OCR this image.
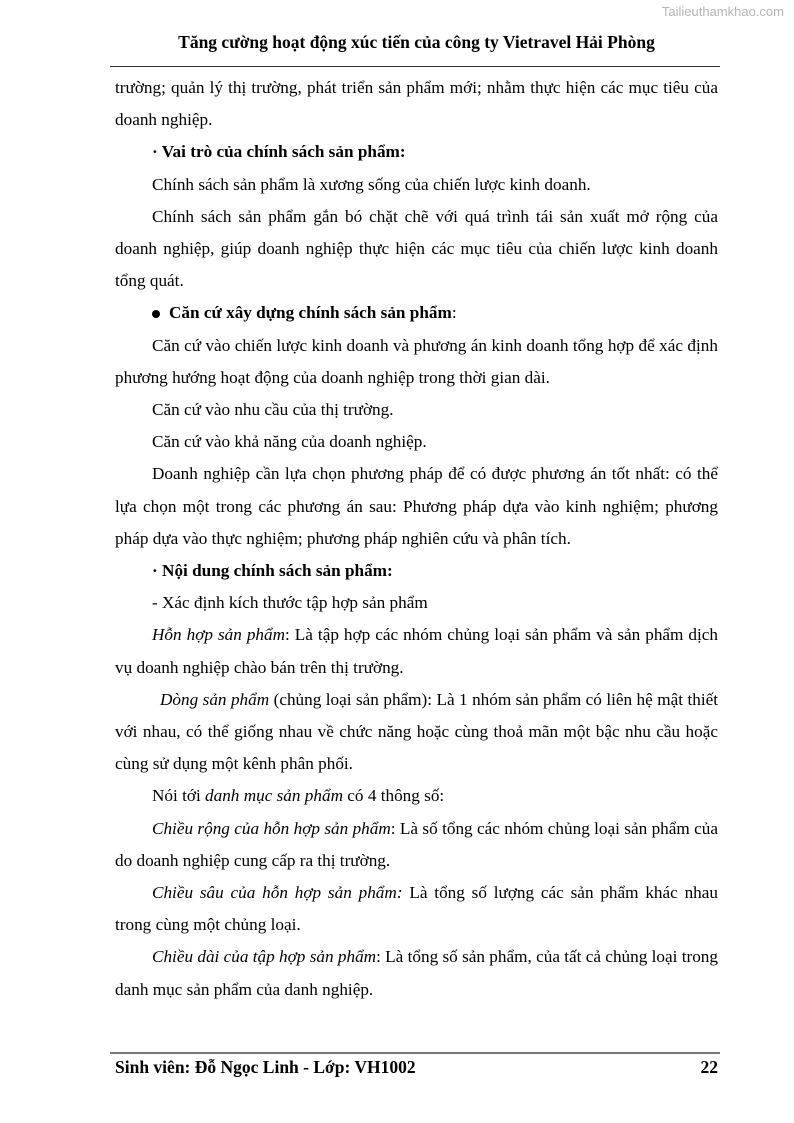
Tailieuthamkhao.com
Tăng cường hoạt động xúc tiến của công ty Vietravel Hải Phòng

trường; quản lý thị trường, phát triển sản phẩm mới; nhằm thực hiện các mục tiêu của doanh nghiệp.

· Vai trò của chính sách sản phẩm:

Chính sách sản phẩm là xương sống của chiến lược kinh doanh.

Chính sách sản phẩm gắn bó chặt chẽ với quá trình tái sản xuất mở rộng của doanh nghiệp, giúp doanh nghiệp thực hiện các mục tiêu của chiến lược kinh doanh tổng quát.

Căn cứ xây dựng chính sách sản phẩm:

Căn cứ vào chiến lược kinh doanh và phương án kinh doanh tổng hợp để xác định phương hướng hoạt động của doanh nghiệp trong thời gian dài.

Căn cứ vào nhu cầu của thị trường.

Căn cứ vào khả năng của doanh nghiệp.

Doanh nghiệp cần lựa chọn phương pháp để có được phương án tốt nhất: có thể lựa chọn một trong các phương án sau: Phương pháp dựa vào kinh nghiệm; phương pháp dựa vào thực nghiệm; phương pháp nghiên cứu và phân tích.

· Nội dung chính sách sản phẩm:

- Xác định kích thước tập hợp sản phẩm

Hỗn hợp sản phẩm: Là tập hợp các nhóm chủng loại sản phẩm và sản phẩm dịch vụ doanh nghiệp chào bán trên thị trường.

Dòng sản phẩm (chủng loại sản phẩm): Là 1 nhóm sản phẩm có liên hệ mật thiết với nhau, có thể giống nhau về chức năng hoặc cùng thoả mãn một bậc nhu cầu hoặc cùng sử dụng một kênh phân phối.

Nói tới danh mục sản phẩm có 4 thông số:

Chiều rộng của hỗn hợp sản phẩm: Là số tổng các nhóm chủng loại sản phẩm của do doanh nghiệp cung cấp ra thị trường.

Chiều sâu của hỗn hợp sản phẩm: Là tổng số lượng các sản phẩm khác nhau trong cùng một chủng loại.

Chiều dài của tập hợp sản phẩm: Là tổng số sản phẩm, của tất cả chủng loại trong danh mục sản phẩm của danh nghiệp.

Sinh viên: Đỗ Ngọc Linh - Lớp: VH1002	22
